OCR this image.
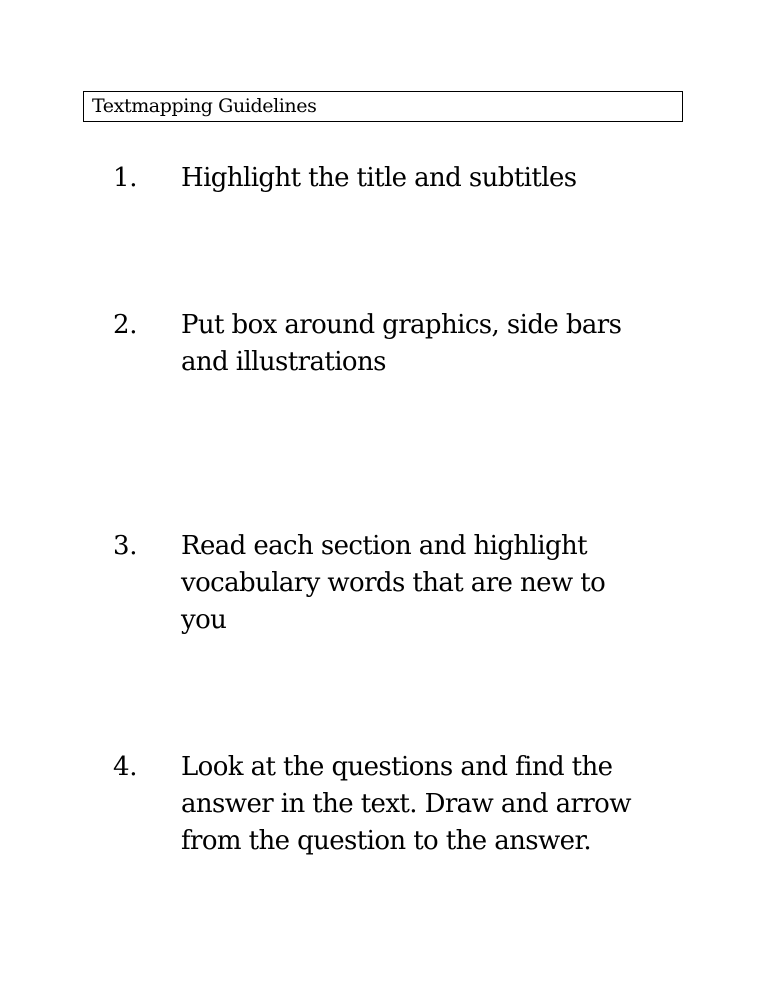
Textmapping Guidelines
1. Highlight the title and subtitles
2. Put box around graphics, side bars
and illustrations
3. Read each section and highlight
vocabulary words that are new to
you
4. Look at the questions and find the
answer in the text. Draw and arrow
from the question to the answer.
